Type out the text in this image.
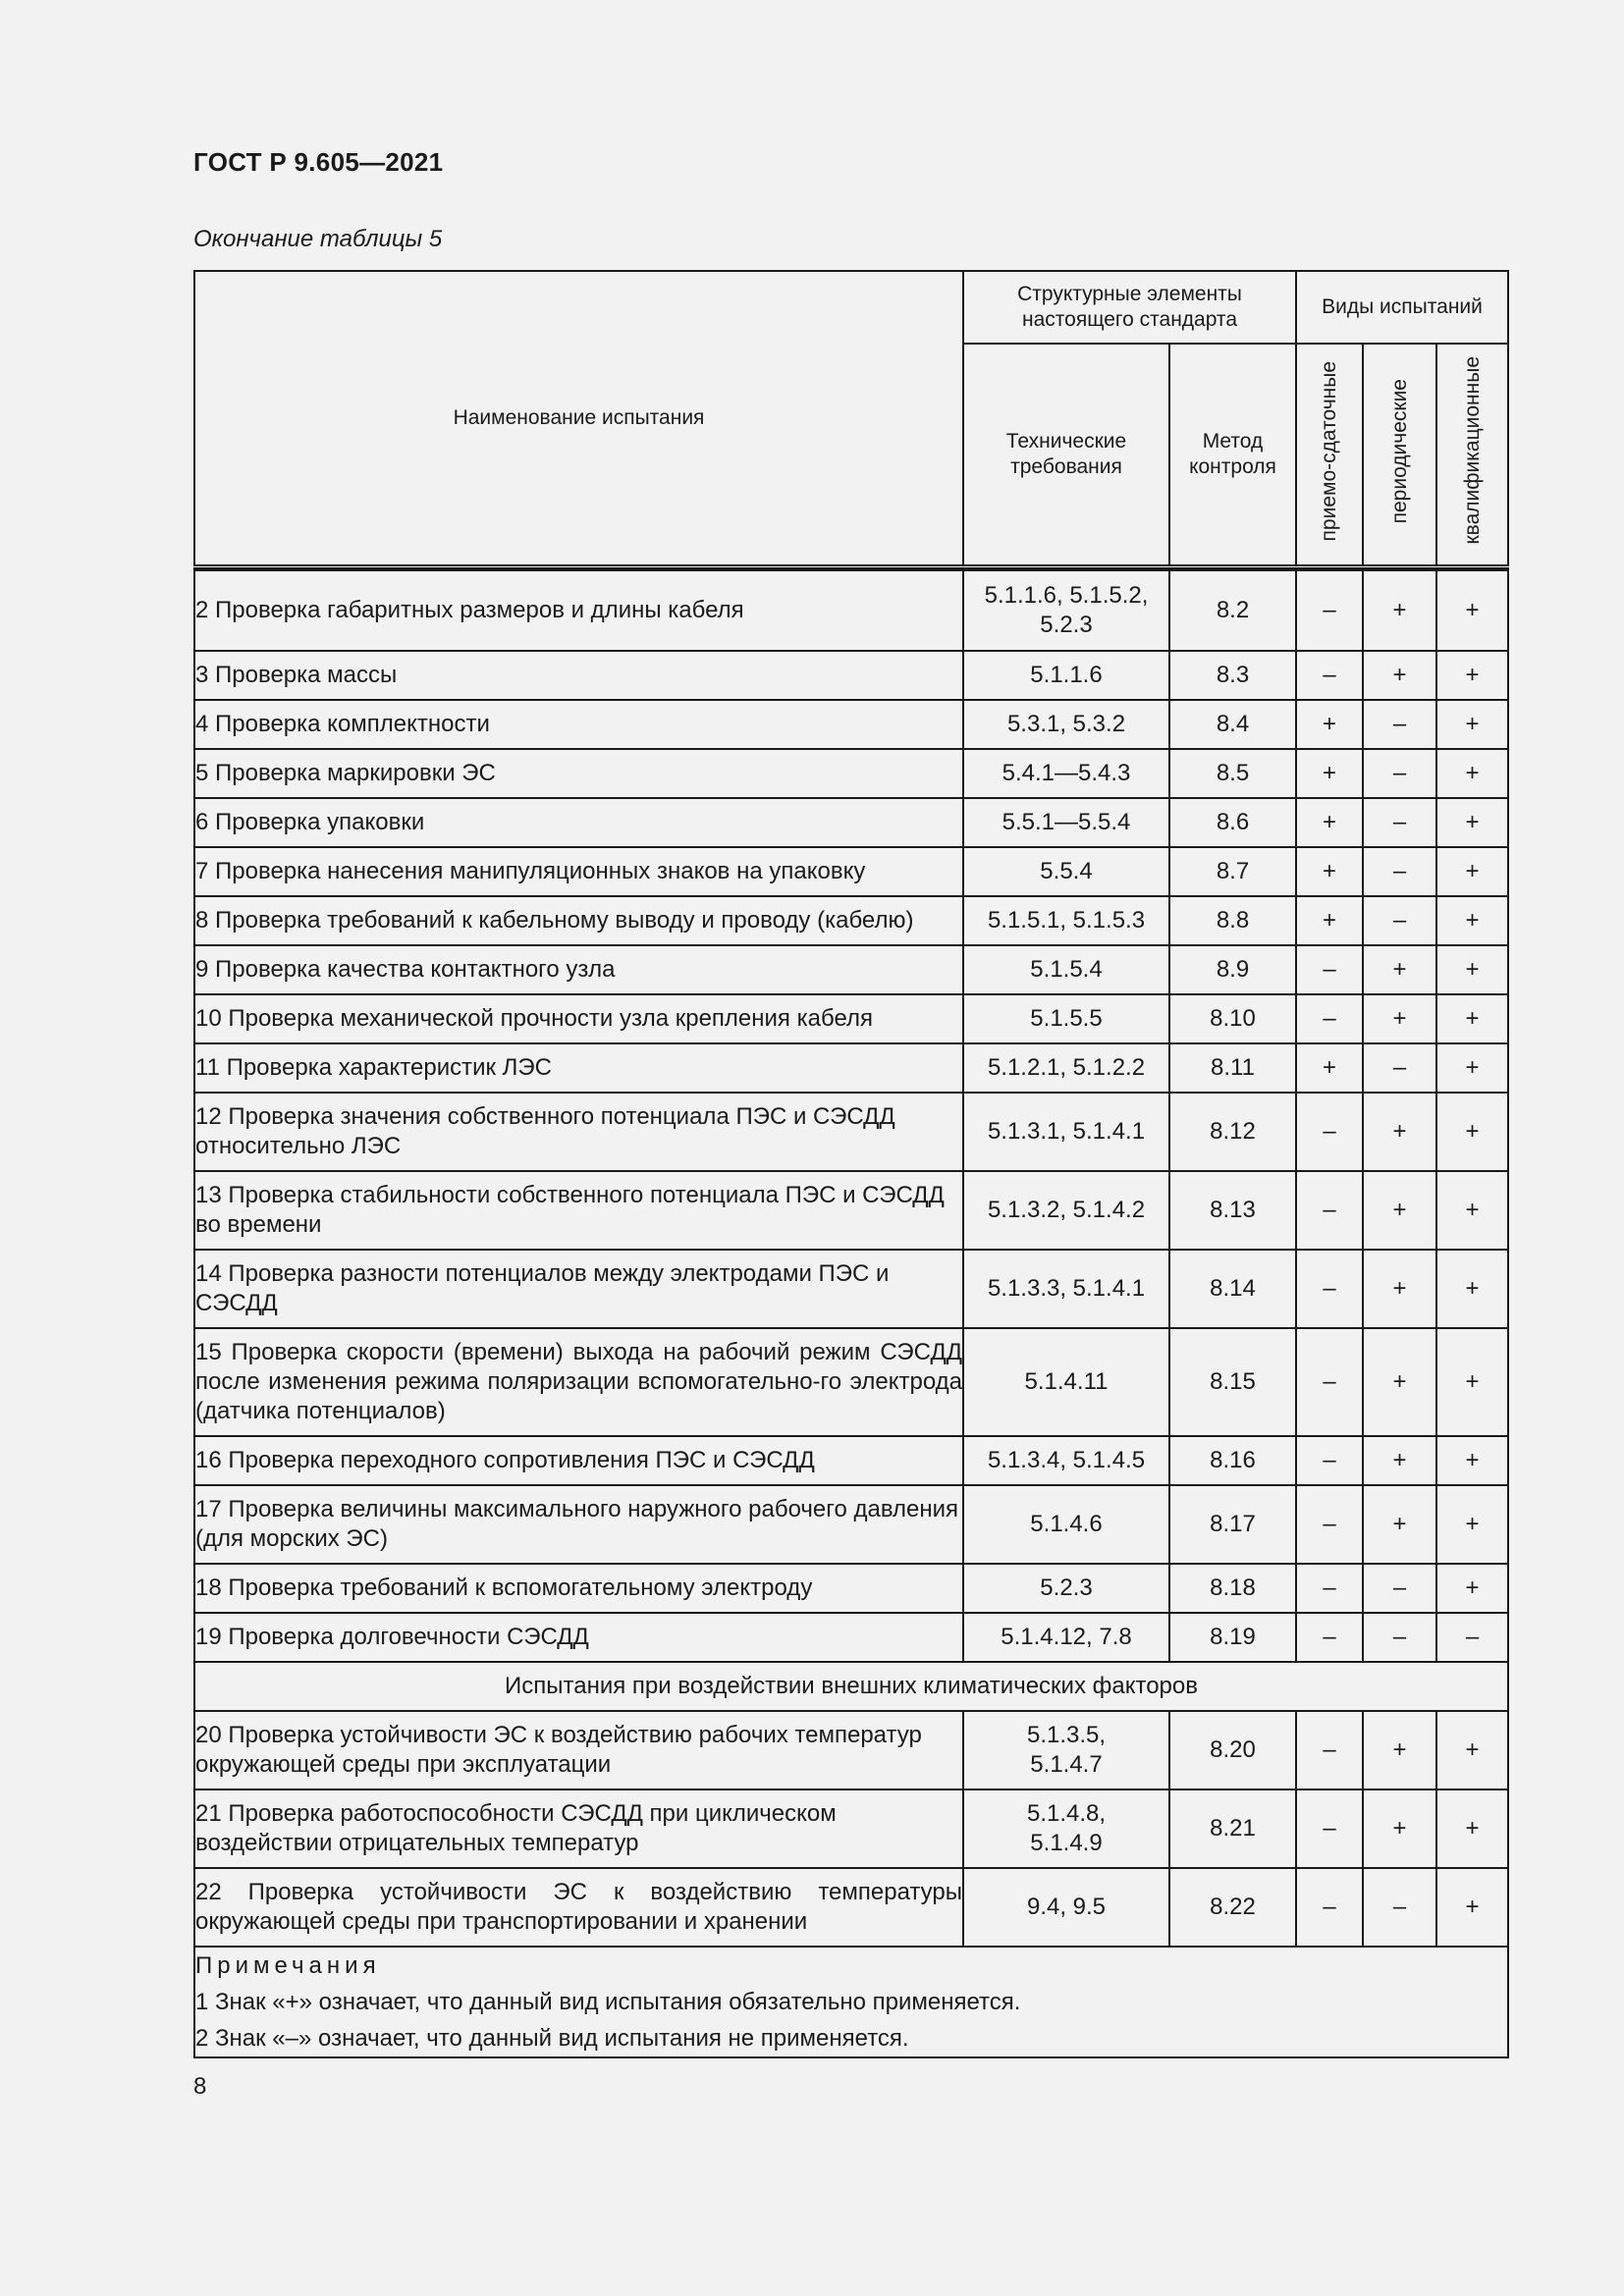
ГОСТ Р 9.605—2021
Окончание таблицы 5
Наименование испытания	Структурные элементы настоящего стандарта		Виды испытаний		
	Технические требования	Метод контроля	приемо-сдаточные	периодические	квалификационные

2 Проверка габаритных размеров и длины кабеля	5.1.1.6, 5.1.5.2, 5.2.3	8.2	–	+	+
3 Проверка массы	5.1.1.6	8.3	–	+	+
4 Проверка комплектности	5.3.1, 5.3.2	8.4	+	–	+
5 Проверка маркировки ЭС	5.4.1—5.4.3	8.5	+	–	+
6 Проверка упаковки	5.5.1—5.5.4	8.6	+	–	+
7 Проверка нанесения манипуляционных знаков на упаковку	5.5.4	8.7	+	–	+
8 Проверка требований к кабельному выводу и проводу (кабелю)	5.1.5.1, 5.1.5.3	8.8	+	–	+
9 Проверка качества контактного узла	5.1.5.4	8.9	–	+	+
10 Проверка механической прочности узла крепления кабеля	5.1.5.5	8.10	–	+	+
11 Проверка характеристик ЛЭС	5.1.2.1, 5.1.2.2	8.11	+	–	+
12 Проверка значения собственного потенциала ПЭС и СЭСДД относительно ЛЭС	5.1.3.1, 5.1.4.1	8.12	–	+	+
13 Проверка стабильности собственного потенциала ПЭС и СЭСДД во времени	5.1.3.2, 5.1.4.2	8.13	–	+	+
14 Проверка разности потенциалов между электродами ПЭС и СЭСДД	5.1.3.3, 5.1.4.1	8.14	–	+	+
15 Проверка скорости (времени) выхода на рабочий режим СЭСДД после изменения режима поляризации вспомогательно-го электрода (датчика потенциалов)	5.1.4.11	8.15	–	+	+
16 Проверка переходного сопротивления ПЭС и СЭСДД	5.1.3.4, 5.1.4.5	8.16	–	+	+
17 Проверка величины максимального наружного рабочего давления (для морских ЭС)	5.1.4.6	8.17	–	+	+
18 Проверка требований к вспомогательному электроду	5.2.3	8.18	–	–	+
19 Проверка долговечности СЭСДД	5.1.4.12, 7.8	8.19	–	–	–
Испытания при воздействии внешних климатических факторов					
20 Проверка устойчивости ЭС к воздействию рабочих температур окружающей среды при эксплуатации	5.1.3.5, 5.1.4.7	8.20	–	+	+
21 Проверка работоспособности СЭСДД при циклическом воздействии отрицательных температур	5.1.4.8, 5.1.4.9	8.21	–	+	+
22 Проверка устойчивости ЭС к воздействию температуры окружающей среды при транспортировании и хранении	9.4, 9.5	8.22	–	–	+

Примечания
1 Знак «+» означает, что данный вид испытания обязательно применяется.
2 Знак «–» означает, что данный вид испытания не применяется.					
8
